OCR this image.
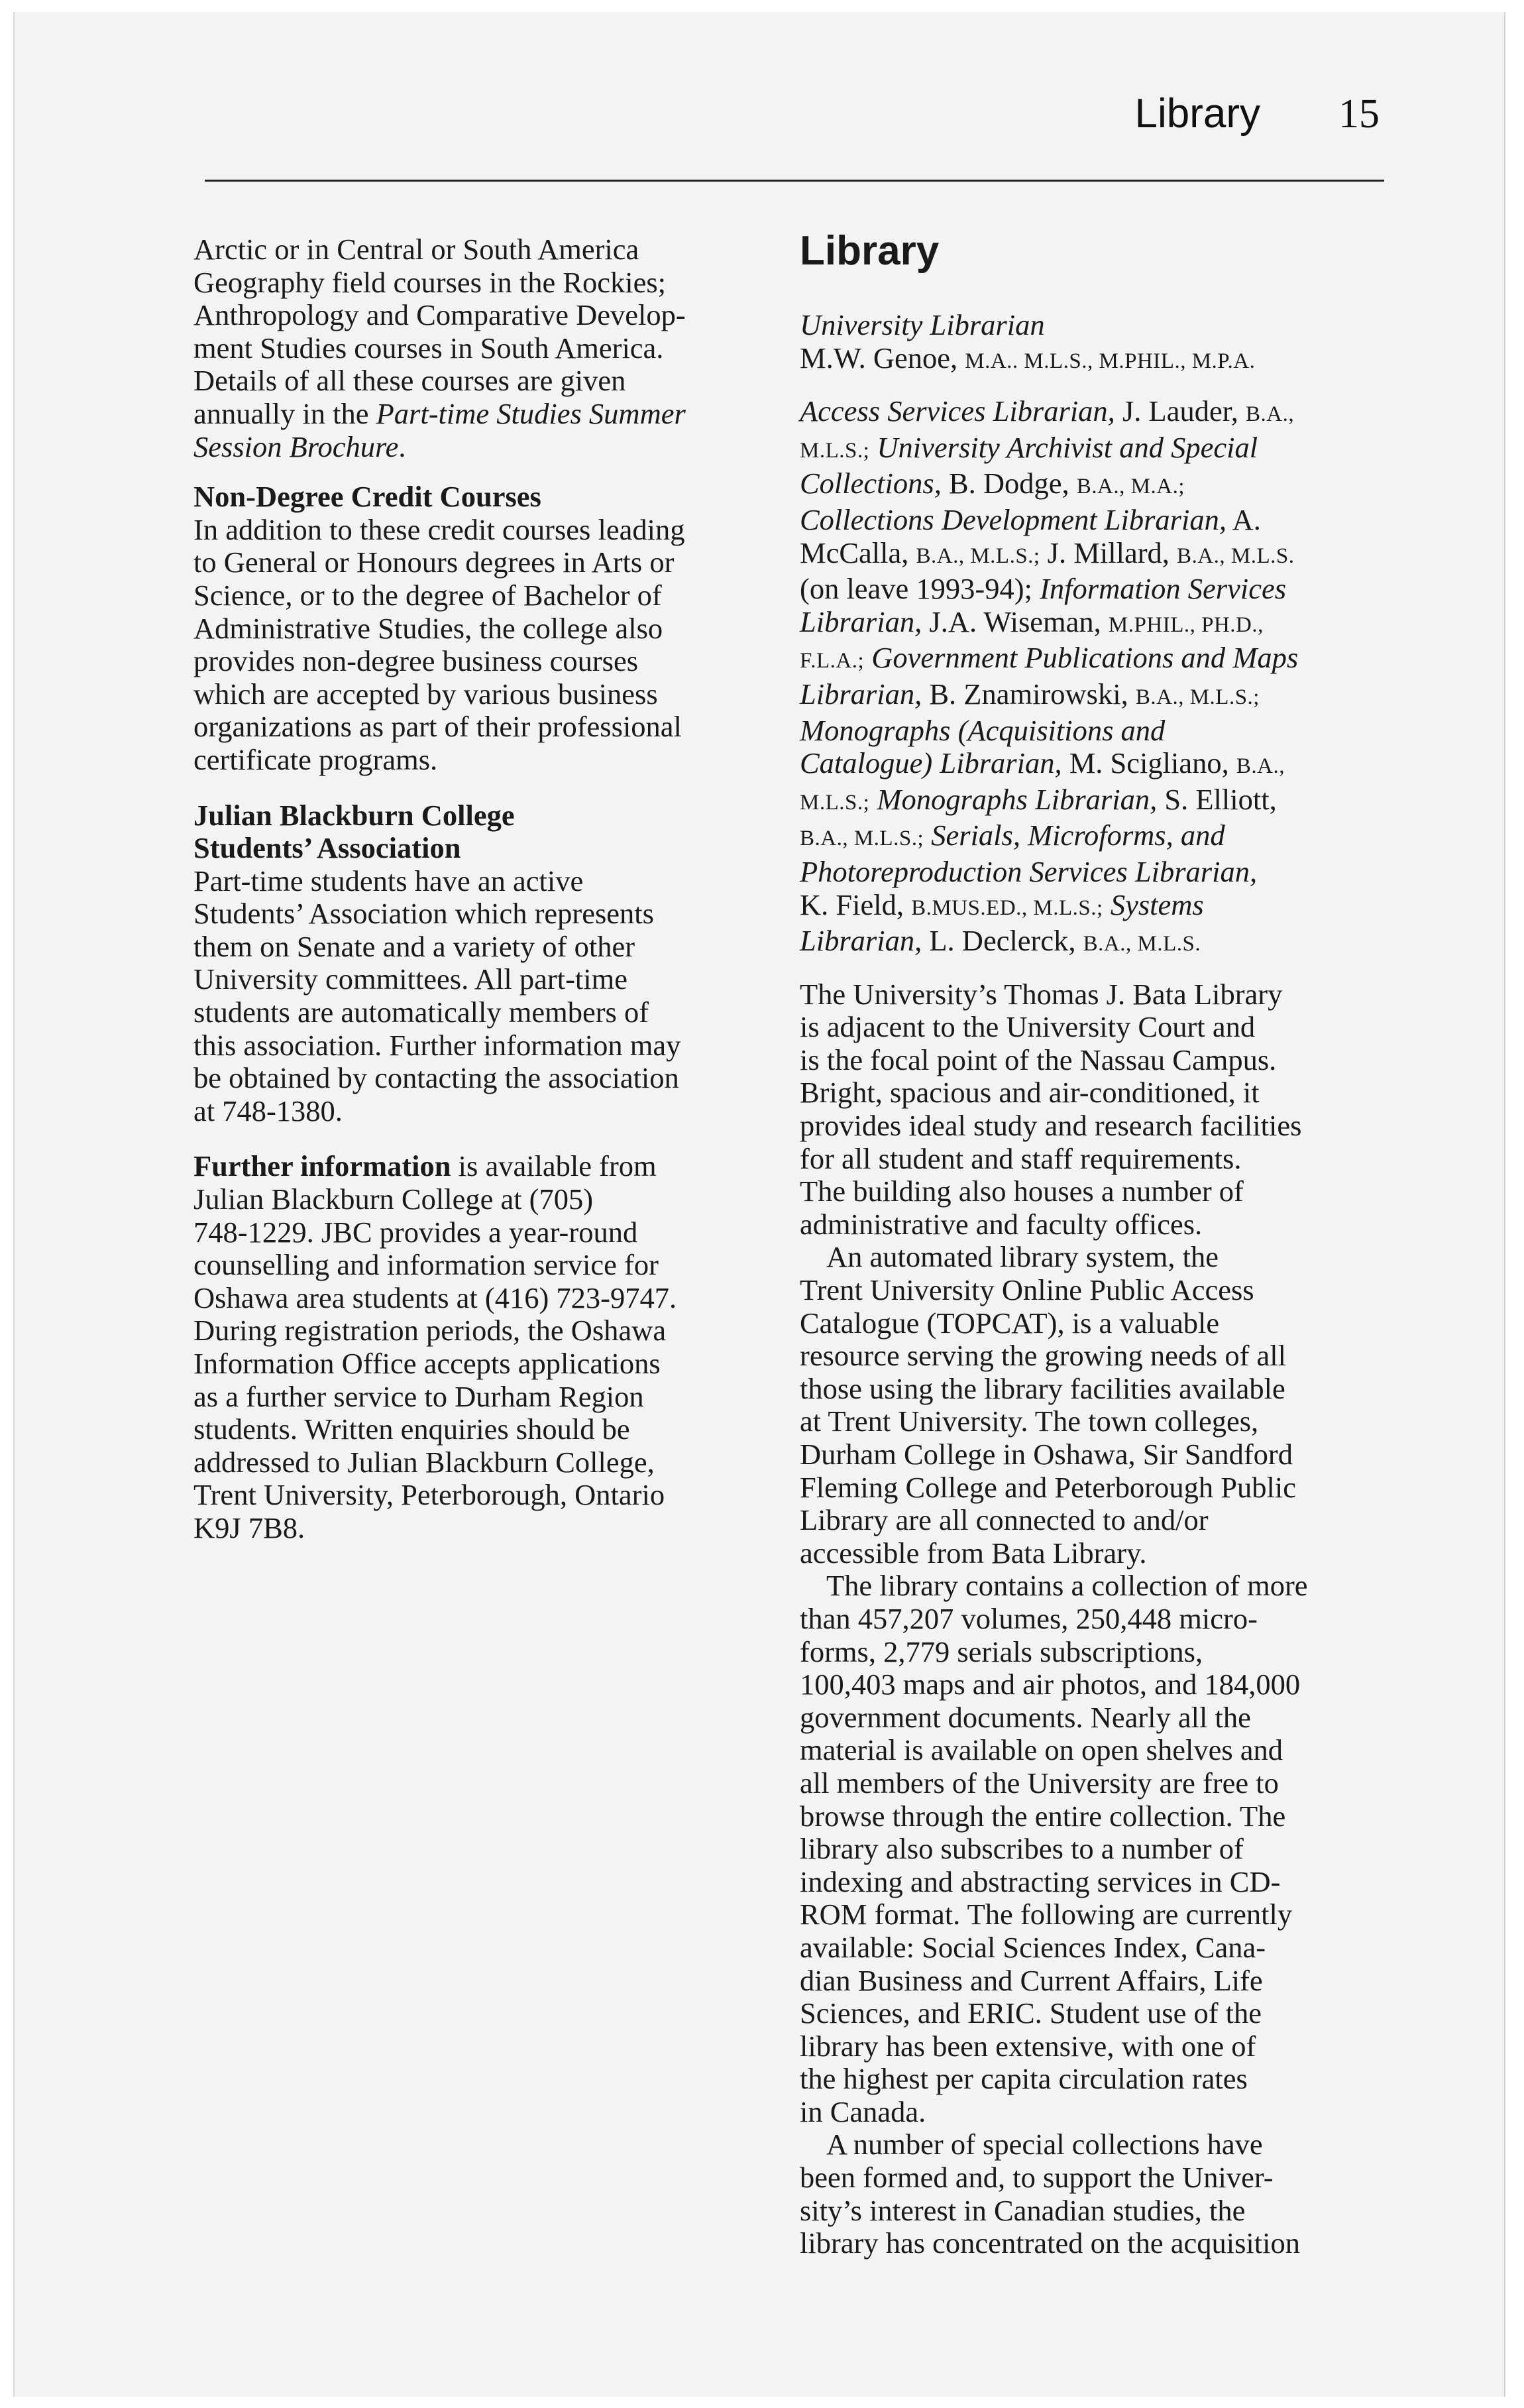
Library 15
Arctic or in Central or South America
Geography field courses in the Rockies;
Anthropology and Comparative Develop-
ment Studies courses in South America.
Details of all these courses are given
annually in the Part-time Studies Summer
Session Brochure.
Non-Degree Credit Courses
In addition to these credit courses leading
to General or Honours degrees in Arts or
Science, or to the degree of Bachelor of
Administrative Studies, the college also
provides non-degree business courses
which are accepted by various business
organizations as part of their professional
certificate programs.
Julian Blackburn College
Students’ Association
Part-time students have an active
Students’ Association which represents
them on Senate and a variety of other
University committees. All part-time
students are automatically members of
this association. Further information may
be obtained by contacting the association
at 748-1380.
Further information is available from
Julian Blackburn College at (705)
748-1229. JBC provides a year-round
counselling and information service for
Oshawa area students at (416) 723-9747.
During registration periods, the Oshawa
Information Office accepts applications
as a further service to Durham Region
students. Written enquiries should be
addressed to Julian Blackburn College,
Trent University, Peterborough, Ontario
K9J 7B8.
Library
University Librarian
M.W. Genoe, M.A.. M.L.S., M.PHIL., M.P.A.
Access Services Librarian, J. Lauder, B.A.,
M.L.S.; University Archivist and Special
Collections, B. Dodge, B.A., M.A.;
Collections Development Librarian, A.
McCalla, B.A., M.L.S.; J. Millard, B.A., M.L.S.
(on leave 1993-94); Information Services
Librarian, J.A. Wiseman, M.PHIL., PH.D.,
F.L.A.; Government Publications and Maps
Librarian, B. Znamirowski, B.A., M.L.S.;
Monographs (Acquisitions and
Catalogue) Librarian, M. Scigliano, B.A.,
M.L.S.; Monographs Librarian, S. Elliott,
B.A., M.L.S.; Serials, Microforms, and
Photoreproduction Services Librarian,
K. Field, B.MUS.ED., M.L.S.; Systems
Librarian, L. Declerck, B.A., M.L.S.
The University’s Thomas J. Bata Library
is adjacent to the University Court and
is the focal point of the Nassau Campus.
Bright, spacious and air-conditioned, it
provides ideal study and research facilities
for all student and staff requirements.
The building also houses a number of
administrative and faculty offices.
An automated library system, the
Trent University Online Public Access
Catalogue (TOPCAT), is a valuable
resource serving the growing needs of all
those using the library facilities available
at Trent University. The town colleges,
Durham College in Oshawa, Sir Sandford
Fleming College and Peterborough Public
Library are all connected to and/or
accessible from Bata Library.
The library contains a collection of more
than 457,207 volumes, 250,448 micro-
forms, 2,779 serials subscriptions,
100,403 maps and air photos, and 184,000
government documents. Nearly all the
material is available on open shelves and
all members of the University are free to
browse through the entire collection. The
library also subscribes to a number of
indexing and abstracting services in CD-
ROM format. The following are currently
available: Social Sciences Index, Cana-
dian Business and Current Affairs, Life
Sciences, and ERIC. Student use of the
library has been extensive, with one of
the highest per capita circulation rates
in Canada.
A number of special collections have
been formed and, to support the Univer-
sity’s interest in Canadian studies, the
library has concentrated on the acquisition
